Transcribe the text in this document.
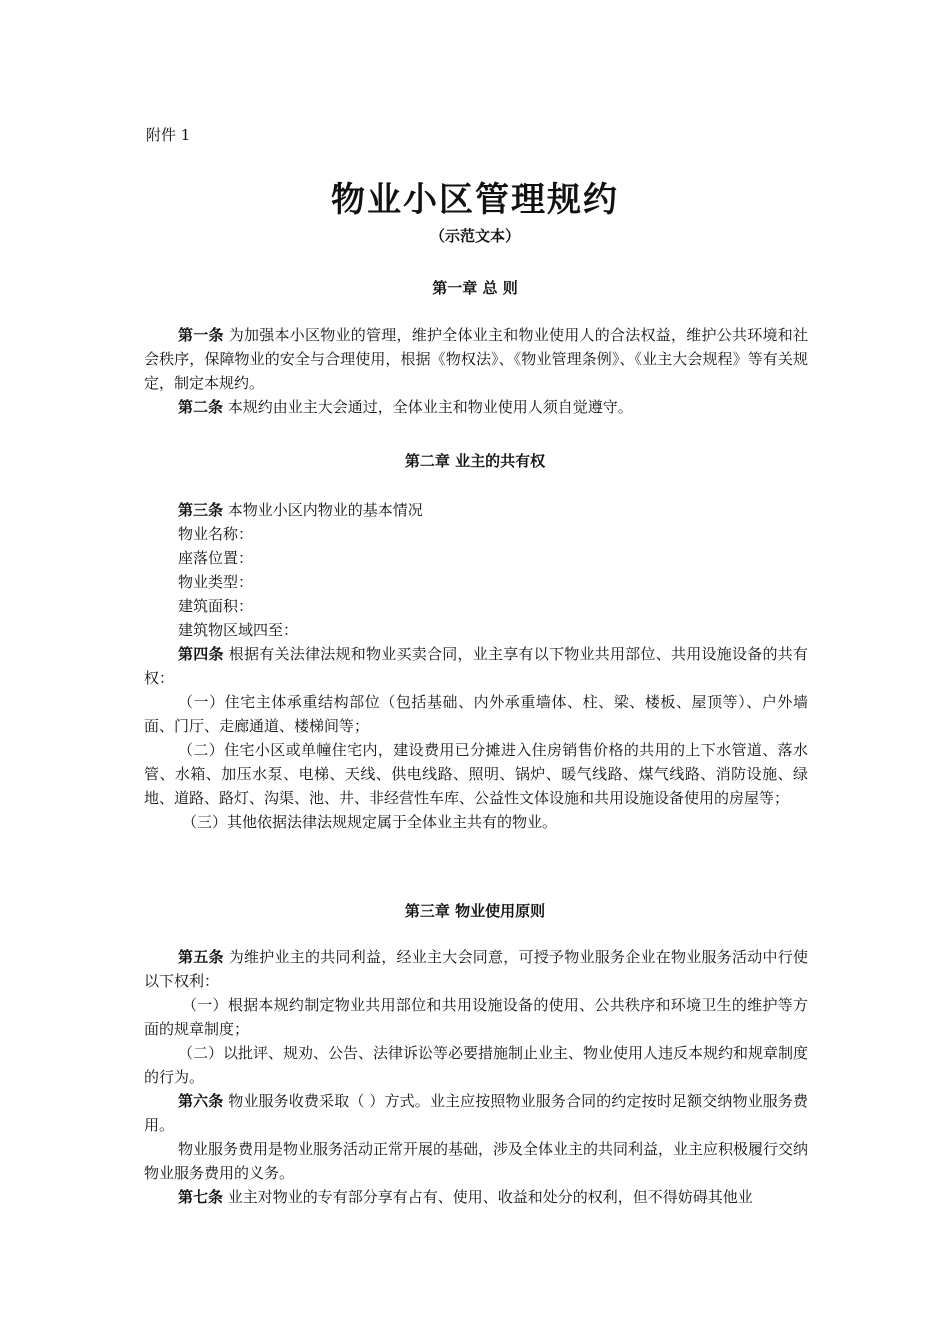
附件 1
物业小区管理规约
（示范文本）
第一章 总 则

第一条 为加强本小区物业的管理，维护全体业主和物业使用人的合法权益，维护公共环境和社会秩序，保障物业的安全与合理使用，根据《物权法》、《物业管理条例》、《业主大会规程》等有关规定，制定本规约。

第二条 本规约由业主大会通过，全体业主和物业使用人须自觉遵守。

第二章 业主的共有权

第三条 本物业小区内物业的基本情况

物业名称：

座落位置：

物业类型：

建筑面积：

建筑物区域四至：

第四条 根据有关法律法规和物业买卖合同，业主享有以下物业共用部位、共用设施设备的共有权：

（一）住宅主体承重结构部位（包括基础、内外承重墙体、柱、梁、楼板、屋顶等）、户外墙面、门厅、走廊通道、楼梯间等；

（二）住宅小区或单幢住宅内，建设费用已分摊进入住房销售价格的共用的上下水管道、落水管、水箱、加压水泵、电梯、天线、供电线路、照明、锅炉、暖气线路、煤气线路、消防设施、绿地、道路、路灯、沟渠、池、井、非经营性车库、公益性文体设施和共用设施设备使用的房屋等；

（三）其他依据法律法规规定属于全体业主共有的物业。

第三章 物业使用原则

第五条 为维护业主的共同利益，经业主大会同意，可授予物业服务企业在物业服务活动中行使以下权利：

（一）根据本规约制定物业共用部位和共用设施设备的使用、公共秩序和环境卫生的维护等方面的规章制度；

（二）以批评、规劝、公告、法律诉讼等必要措施制止业主、物业使用人违反本规约和规章制度的行为。

第六条 物业服务收费采取（ ）方式。业主应按照物业服务合同的约定按时足额交纳物业服务费用。

物业服务费用是物业服务活动正常开展的基础，涉及全体业主的共同利益，业主应积极履行交纳物业服务费用的义务。

第七条 业主对物业的专有部分享有占有、使用、收益和处分的权利，但不得妨碍其他业
